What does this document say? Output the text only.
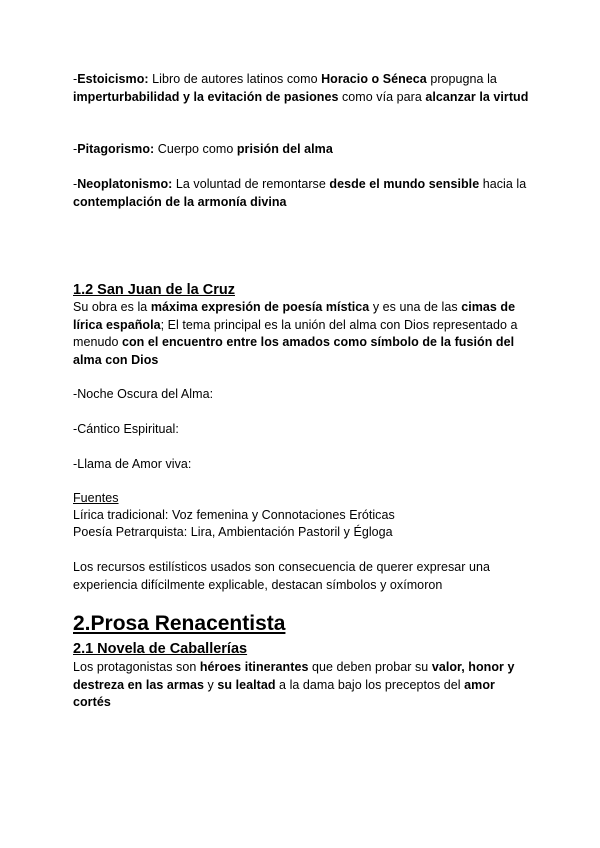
-Estoicismo: Libro de autores latinos como Horacio o Séneca propugna la imperturbabilidad y la evitación de pasiones como vía para alcanzar la virtud
-Pitagorismo: Cuerpo como prisión del alma
-Neoplatonismo: La voluntad de remontarse desde el mundo sensible hacia la contemplación de la armonía divina
1.2 San Juan de la Cruz
Su obra es la máxima expresión de poesía mística y es una de las cimas de lírica española; El tema principal es la unión del alma con Dios representado a menudo con el encuentro entre los amados como símbolo de la fusión del alma con Dios
-Noche Oscura del Alma:
-Cántico Espiritual:
-Llama de Amor viva:
Fuentes
Lírica tradicional: Voz femenina y Connotaciones Eróticas
Poesía Petrarquista: Lira, Ambientación Pastoril y Égloga
Los recursos estilísticos usados son consecuencia de querer expresar una experiencia difícilmente explicable, destacan símbolos y oxímoron
2.Prosa Renacentista
2.1 Novela de Caballerías
Los protagonistas son héroes itinerantes que deben probar su valor, honor y destreza en las armas y su lealtad a la dama bajo los preceptos del amor cortés
